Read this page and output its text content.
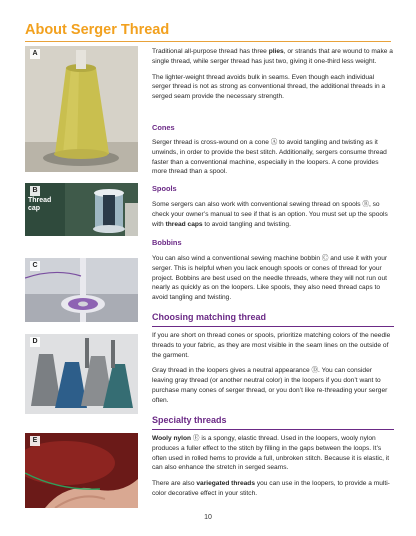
About Serger Thread
A
B
Thread
cap
C
D
E

Traditional all-purpose thread has three plies, or strands that are wound to make a single thread, while serger thread has just two, giving it one-third less weight.

The lighter-weight thread avoids bulk in seams. Even though each individual serger thread is not as strong as conventional thread, the additional threads in a serged seam provide the necessary strength.

Cones
Serger thread is cross-wound on a cone Ⓐ to avoid tangling and twisting as it unwinds, in order to provide the best stitch. Additionally, sergers consume thread faster than a conventional machine, especially in the loopers. A cone provides more thread than a spool.
Spools

Some sergers can also work with conventional sewing thread on spools Ⓑ, so check your owner’s manual to see if that is an option. You must set up the spools with thread caps to avoid tangling and twisting.

Bobbins
You can also wind a conventional sewing machine bobbin Ⓒ and use it with your serger. This is helpful when you lack enough spools or cones of thread for your project. Bobbins are best used on the needle threads, where they will not run out nearly as quickly as on the loopers. Like spools, they also need thread caps to avoid tangling and twisting.
Choosing matching thread

If you are short on thread cones or spools, prioritize matching colors of the needle threads to your fabric, as they are most visible in the seam lines on the outside of the garment.

Gray thread in the loopers gives a neutral appearance Ⓓ. You can consider leaving gray thread (or another neutral color) in the loopers if you don’t want to purchase many cones of serger thread, or you don’t like re-threading your serger often.

Specialty threads

Wooly nylon Ⓔ is a spongy, elastic thread. Used in the loopers, wooly nylon produces a fuller effect to the stitch by filling in the gaps between the loops. It’s often used in rolled hems to provide a full, unbroken stitch. Because it is elastic, it can also enhance the stretch in serged seams.

There are also variegated threads you can use in the loopers, to provide a multi-color decorative effect in your stitch.

10
